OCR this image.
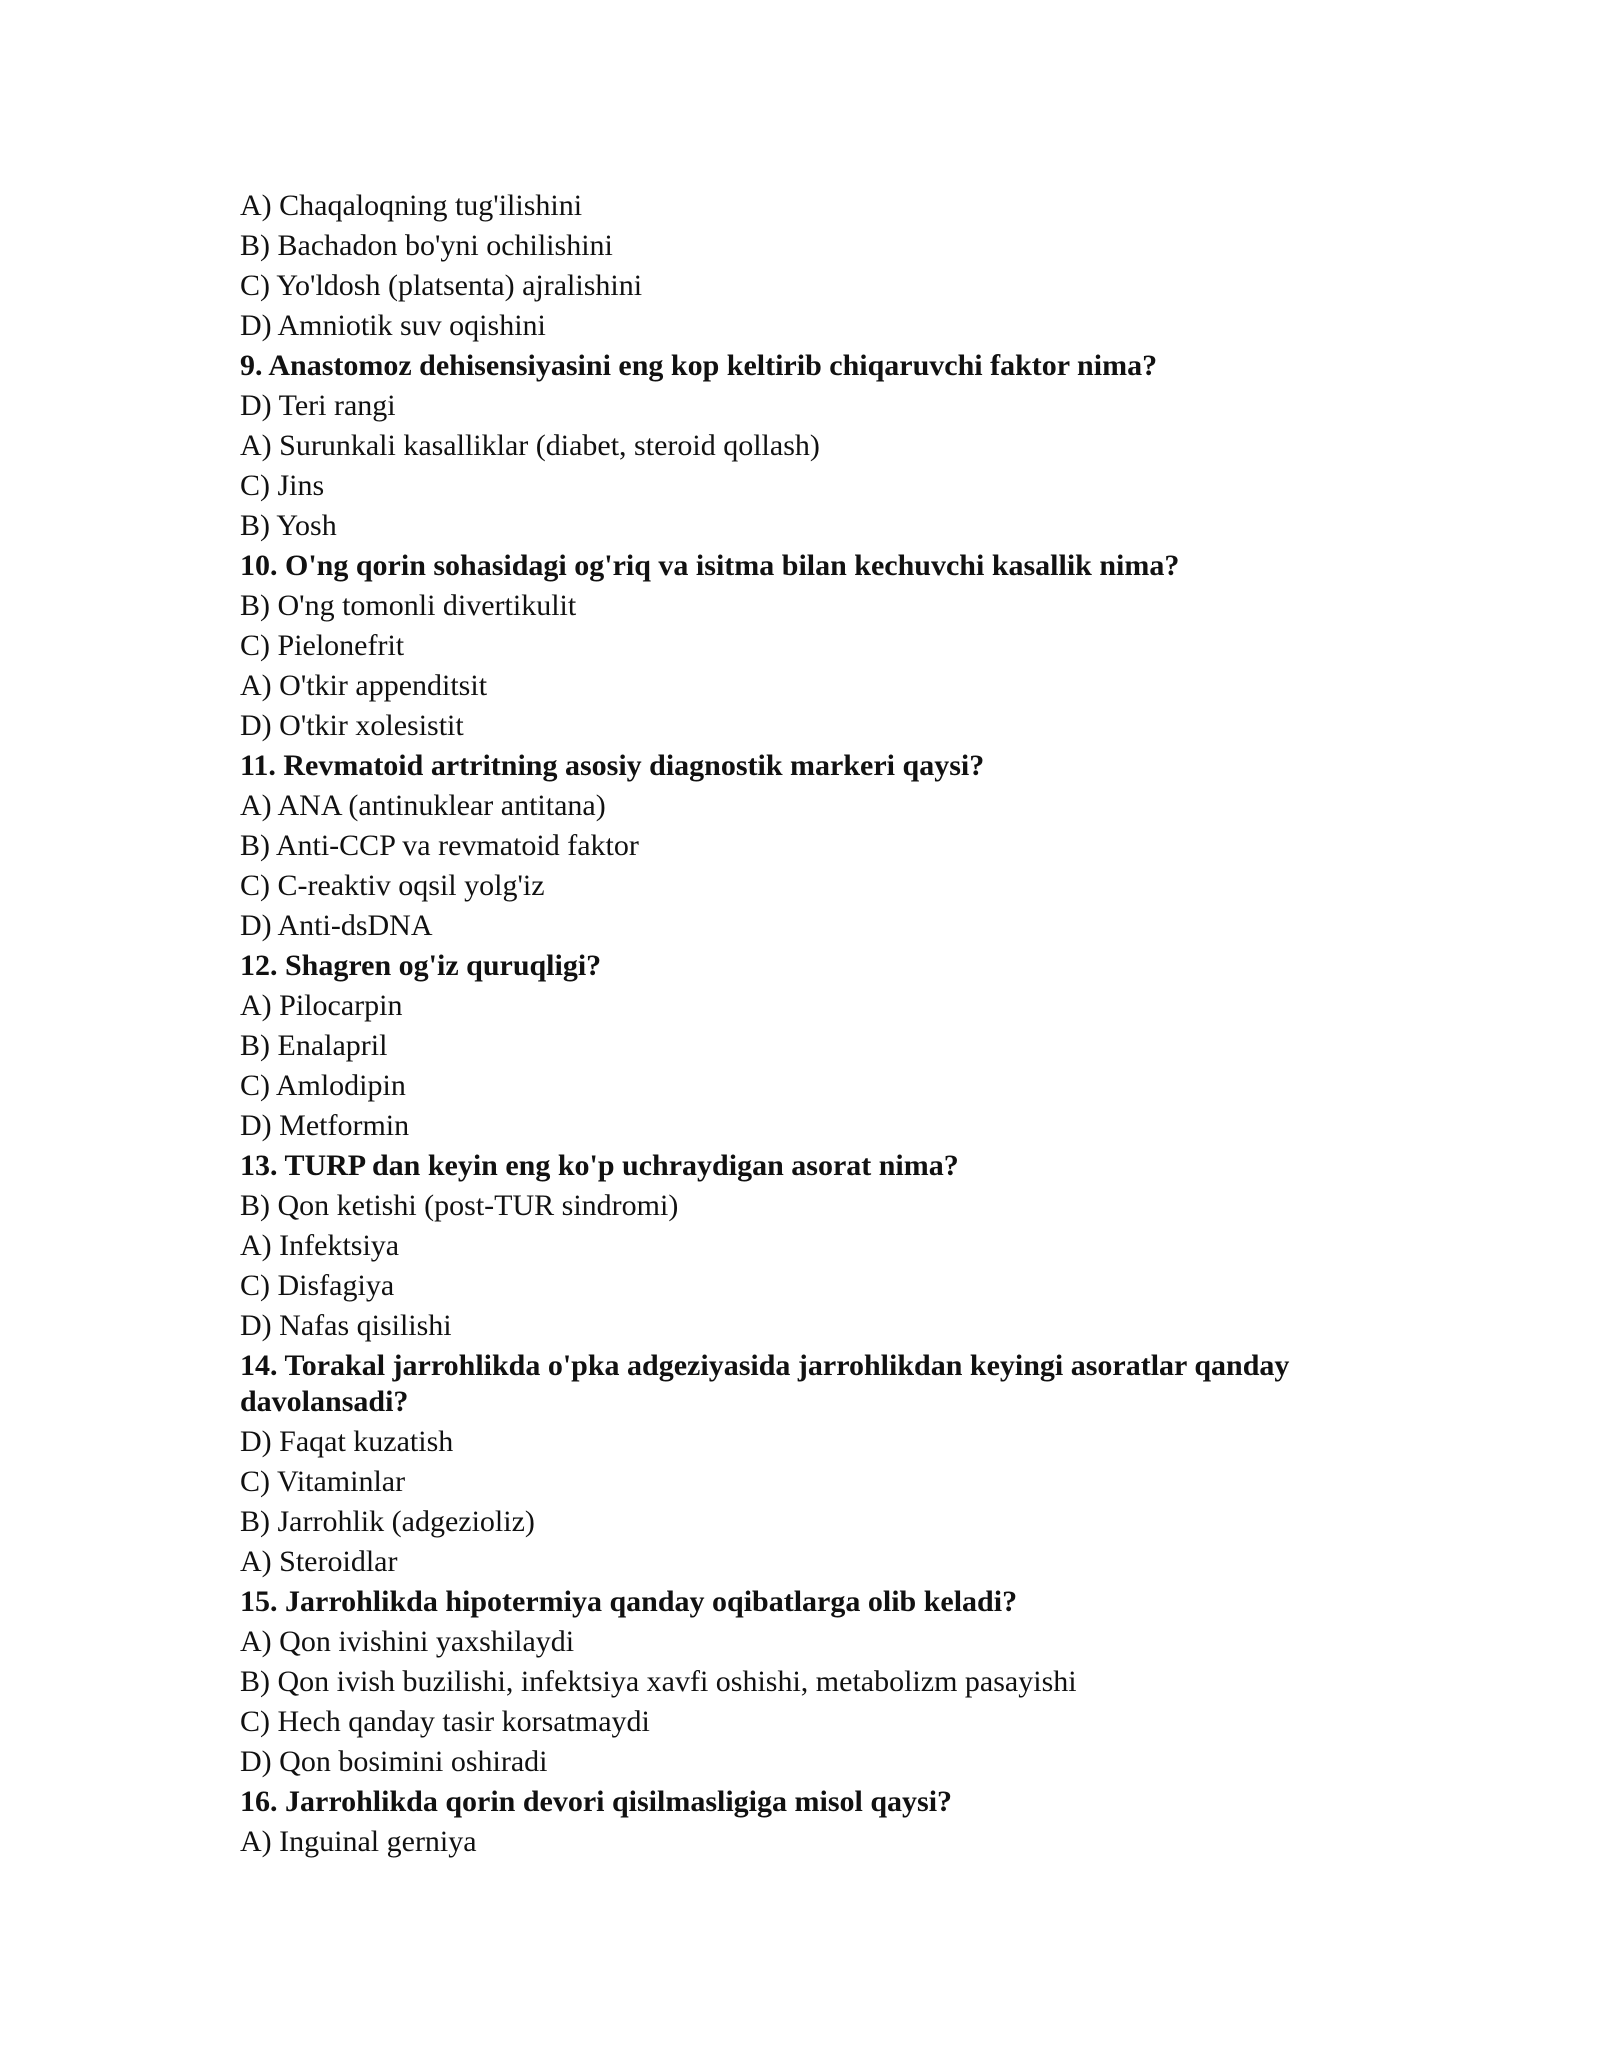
A) Chaqaloqning tug'ilishini
B) Bachadon bo'yni ochilishini
C) Yo'ldosh (platsenta) ajralishini
D) Amniotik suv oqishini
9. Anastomoz dehisensiyasini eng kop keltirib chiqaruvchi faktor nima?
D) Teri rangi
A) Surunkali kasalliklar (diabet, steroid qollash)
C) Jins
B) Yosh
10. O'ng qorin sohasidagi og'riq va isitma bilan kechuvchi kasallik nima?
B) O'ng tomonli divertikulit
C) Pielonefrit
A) O'tkir appenditsit
D) O'tkir xolesistit
11. Revmatoid artritning asosiy diagnostik markeri qaysi?
A) ANA (antinuklear antitana)
B) Anti-CCP va revmatoid faktor
C) C-reaktiv oqsil yolg'iz
D) Anti-dsDNA
12. Shagren og'iz quruqligi?
A) Pilocarpin
B) Enalapril
C) Amlodipin
D) Metformin
13. TURP dan keyin eng ko'p uchraydigan asorat nima?
B) Qon ketishi (post-TUR sindromi)
A) Infektsiya
C) Disfagiya
D) Nafas qisilishi
14. Torakal jarrohlikda o'pka adgeziyasida jarrohlikdan keyingi asoratlar qanday davolansadi?
D) Faqat kuzatish
C) Vitaminlar
B) Jarrohlik (adgezioliz)
A) Steroidlar
15. Jarrohlikda hipotermiya qanday oqibatlarga olib keladi?
A) Qon ivishini yaxshilaydi
B) Qon ivish buzilishi, infektsiya xavfi oshishi, metabolizm pasayishi
C) Hech qanday tasir korsatmaydi
D) Qon bosimini oshiradi
16. Jarrohlikda qorin devori qisilmasligiga misol qaysi?
A) Inguinal gerniya
